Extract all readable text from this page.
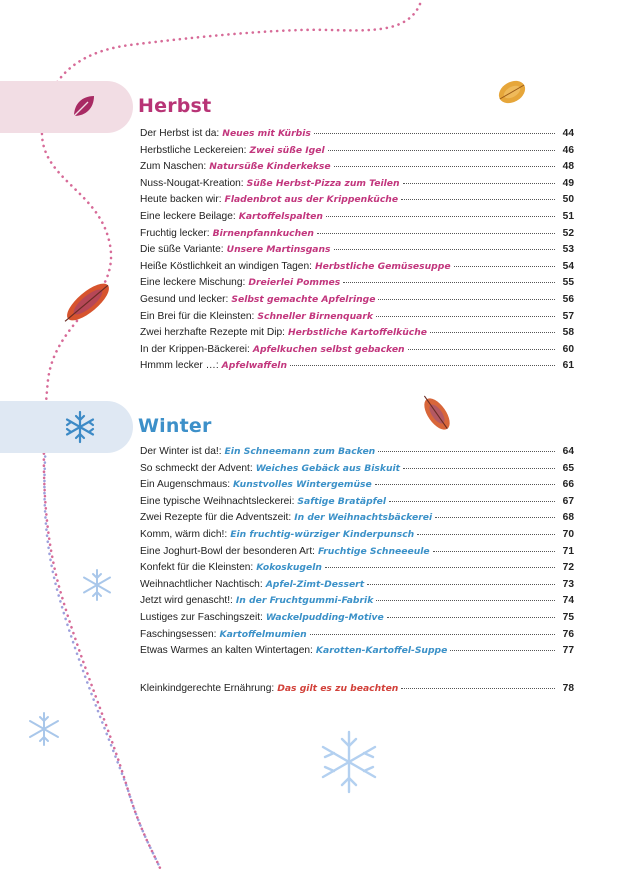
Herbst
Winter
Der Herbst ist da: Neues mit Kürbis	44
Herbstliche Leckereien: Zwei süße Igel	46
Zum Naschen: Natursüße Kinderkekse	48
Nuss-Nougat-Kreation: Süße Herbst-Pizza zum Teilen	49
Heute backen wir: Fladenbrot aus der Krippenküche	50
Eine leckere Beilage: Kartoffelspalten	51
Fruchtig lecker: Birnenpfannkuchen	52
Die süße Variante: Unsere Martinsgans	53
Heiße Köstlichkeit an windigen Tagen: Herbstliche Gemüsesuppe	54
Eine leckere Mischung: Dreierlei Pommes	55
Gesund und lecker: Selbst gemachte Apfelringe	56
Ein Brei für die Kleinsten: Schneller Birnenquark	57
Zwei herzhafte Rezepte mit Dip: Herbstliche Kartoffelküche	58
In der Krippen-Bäckerei: Apfelkuchen selbst gebacken	60
Hmmm lecker …: Apfelwaffeln	61
Der Winter ist da!: Ein Schneemann zum Backen	64
So schmeckt der Advent: Weiches Gebäck aus Biskuit	65
Ein Augenschmaus: Kunstvolles Wintergemüse	66
Eine typische Weihnachtsleckerei: Saftige Bratäpfel	67
Zwei Rezepte für die Adventszeit: In der Weihnachtsbäckerei	68
Komm, wärm dich!: Ein fruchtig-würziger Kinderpunsch	70
Eine Joghurt-Bowl der besonderen Art: Fruchtige Schneeeule	71
Konfekt für die Kleinsten: Kokoskugeln	72
Weihnachtlicher Nachtisch: Apfel-Zimt-Dessert	73
Jetzt wird genascht!: In der Fruchtgummi-Fabrik	74
Lustiges zur Faschingszeit: Wackelpudding-Motive	75
Faschingsessen: Kartoffelmumien	76
Etwas Warmes an kalten Wintertagen: Karotten-Kartoffel-Suppe	77
Kleinkindgerechte Ernährung: Das gilt es zu beachten	78
